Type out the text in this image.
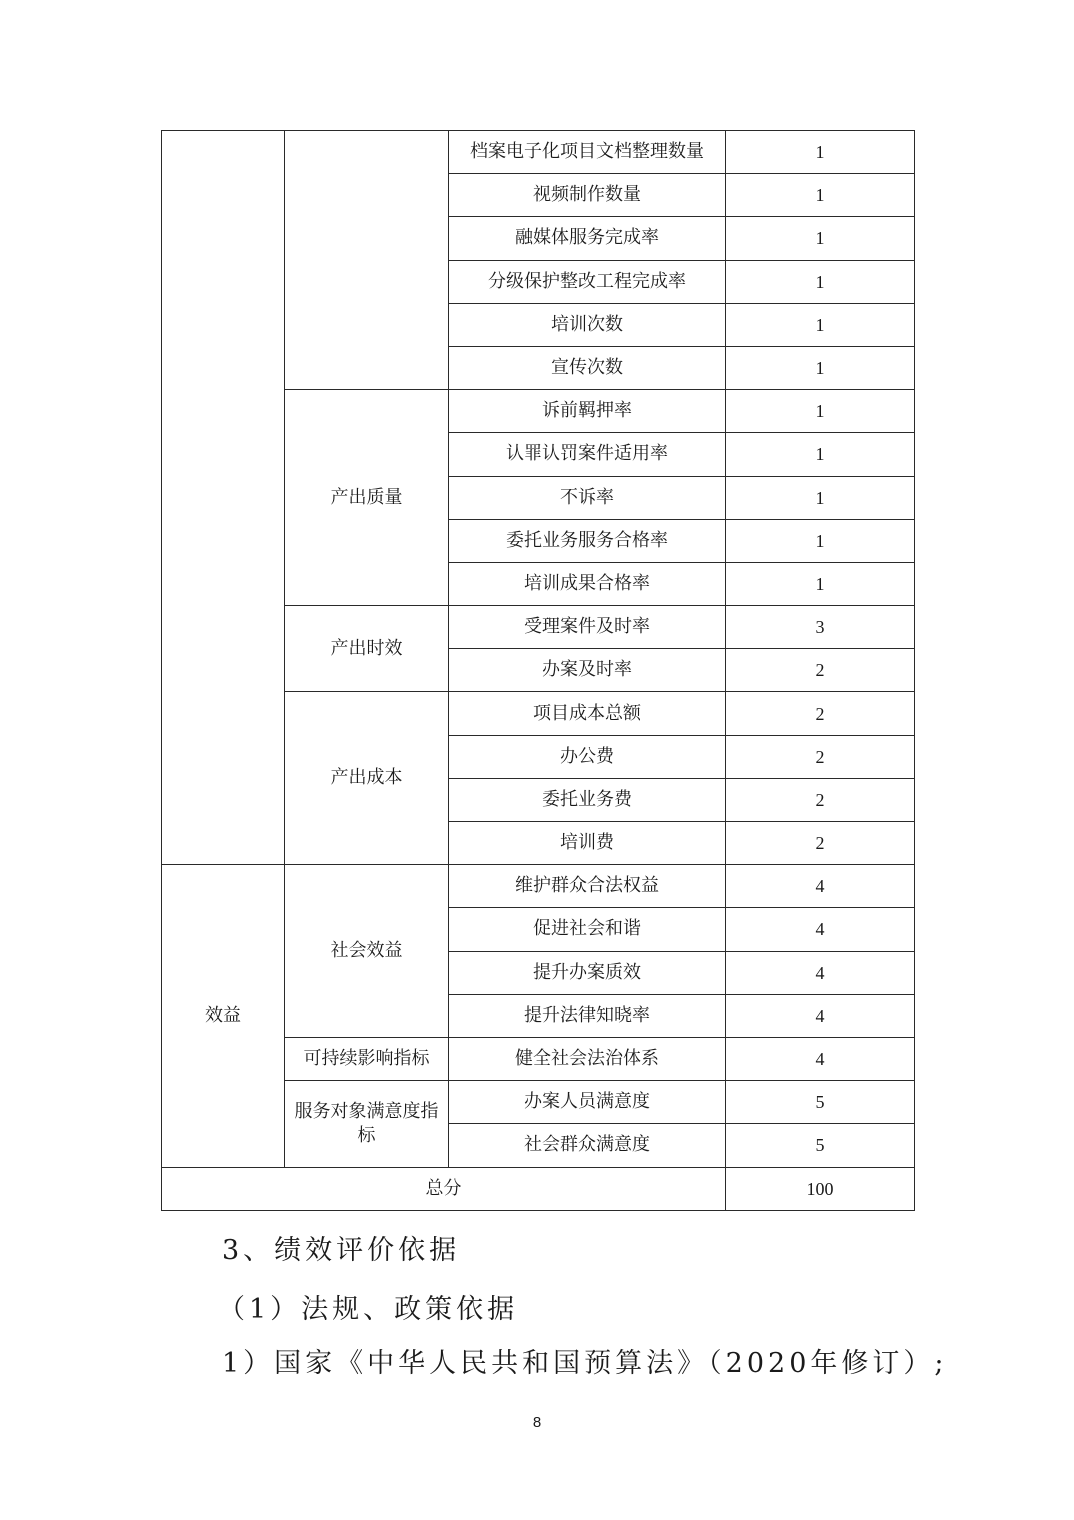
		档案电子化项目文档整理数量	1
		视频制作数量	1
		融媒体服务完成率	1
		分级保护整改工程完成率	1
		培训次数	1
		宣传次数	1
	产出质量	诉前羁押率	1
		认罪认罚案件适用率	1
		不诉率	1
		委托业务服务合格率	1
		培训成果合格率	1
	产出时效	受理案件及时率	3
		办案及时率	2
	产出成本	项目成本总额	2
		办公费	2
		委托业务费	2
		培训费	2
效益	社会效益	维护群众合法权益	4
		促进社会和谐	4
		提升办案质效	4
		提升法律知晓率	4
	可持续影响指标	健全社会法治体系	4

	服务对象满意度指标	办案人员满意度	5
		社会群众满意度	5
总分			100
3、绩效评价依据
（1）法规、政策依据
1）国家《中华人民共和国预算法》（2020年修订）;
8
